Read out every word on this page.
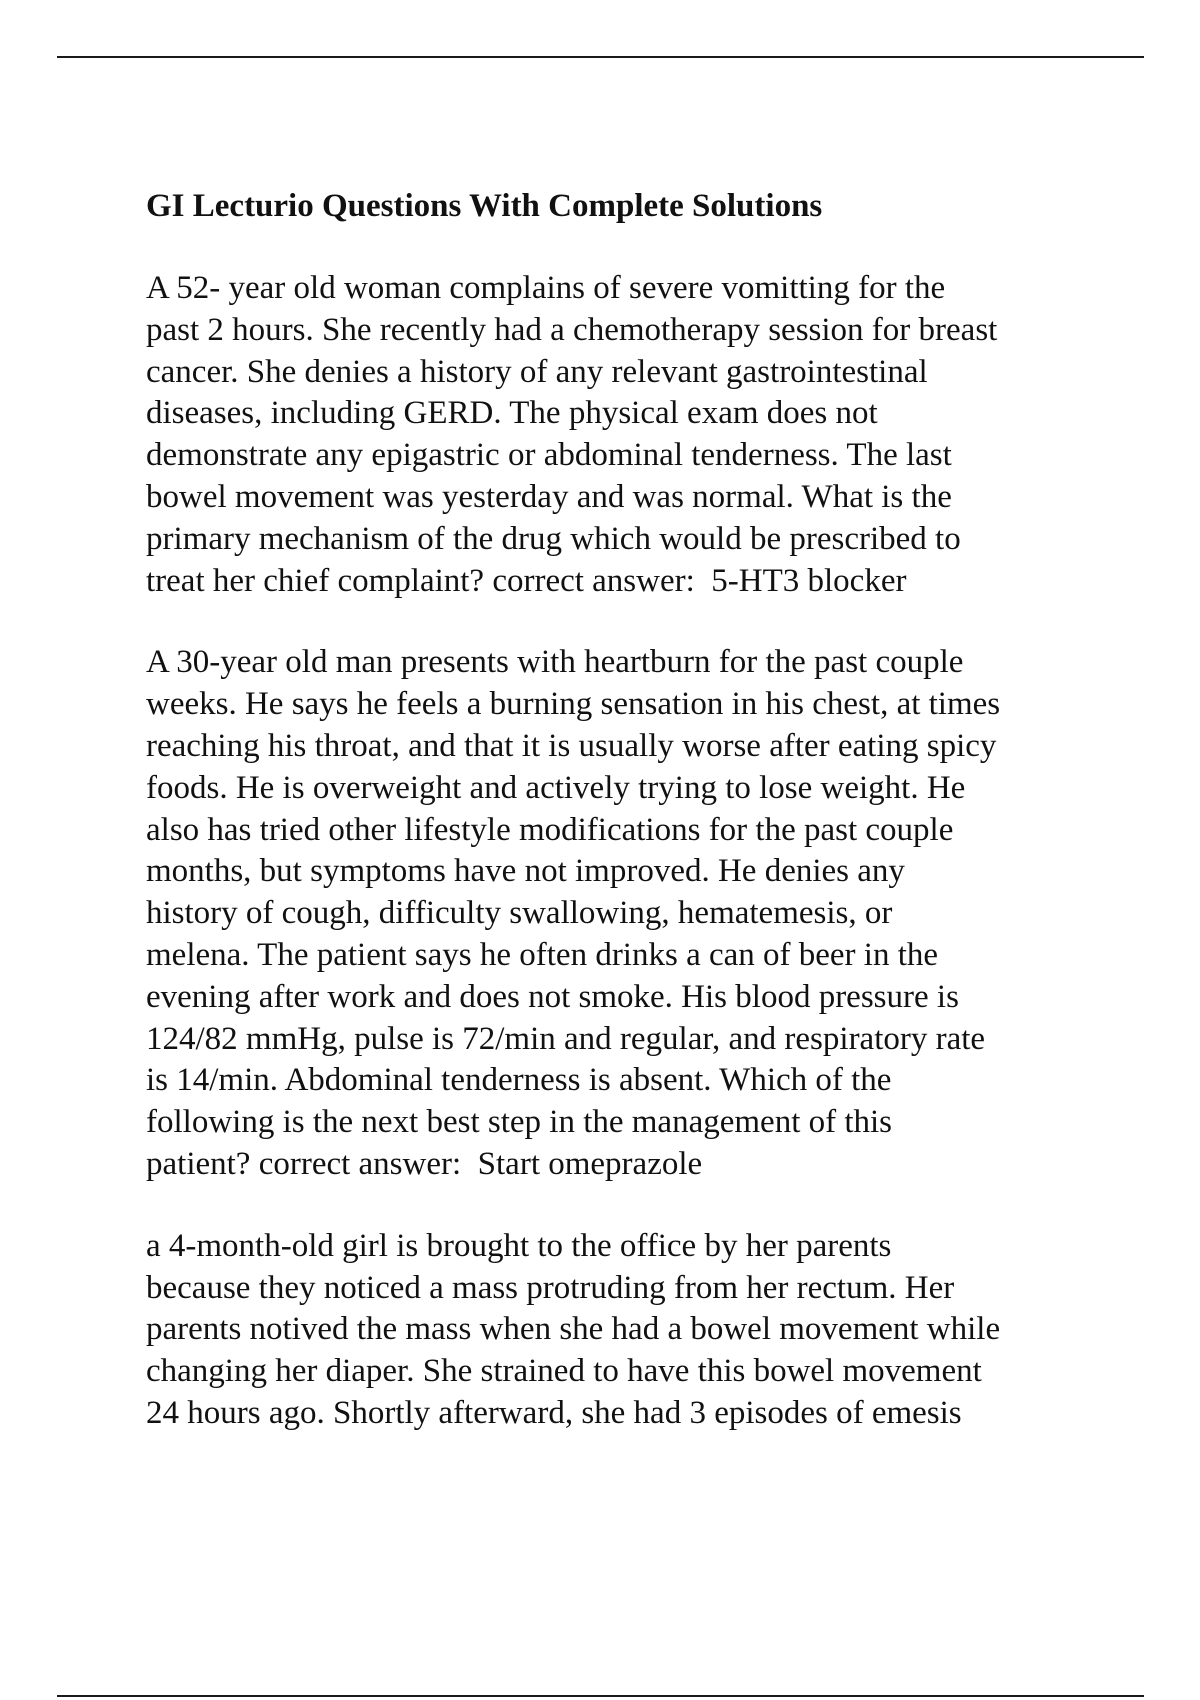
GI Lecturio Questions With Complete Solutions
A 52- year old woman complains of severe vomitting for the
past 2 hours. She recently had a chemotherapy session for breast
cancer. She denies a history of any relevant gastrointestinal
diseases, including GERD. The physical exam does not
demonstrate any epigastric or abdominal tenderness. The last
bowel movement was yesterday and was normal. What is the
primary mechanism of the drug which would be prescribed to
treat her chief complaint? correct answer:  5-HT3 blocker
A 30-year old man presents with heartburn for the past couple
weeks. He says he feels a burning sensation in his chest, at times
reaching his throat, and that it is usually worse after eating spicy
foods. He is overweight and actively trying to lose weight. He
also has tried other lifestyle modifications for the past couple
months, but symptoms have not improved. He denies any
history of cough, difficulty swallowing, hematemesis, or
melena. The patient says he often drinks a can of beer in the
evening after work and does not smoke. His blood pressure is
124/82 mmHg, pulse is 72/min and regular, and respiratory rate
is 14/min. Abdominal tenderness is absent. Which of the
following is the next best step in the management of this
patient? correct answer:  Start omeprazole
a 4-month-old girl is brought to the office by her parents
because they noticed a mass protruding from her rectum. Her
parents notived the mass when she had a bowel movement while
changing her diaper. She strained to have this bowel movement
24 hours ago. Shortly afterward, she had 3 episodes of emesis
